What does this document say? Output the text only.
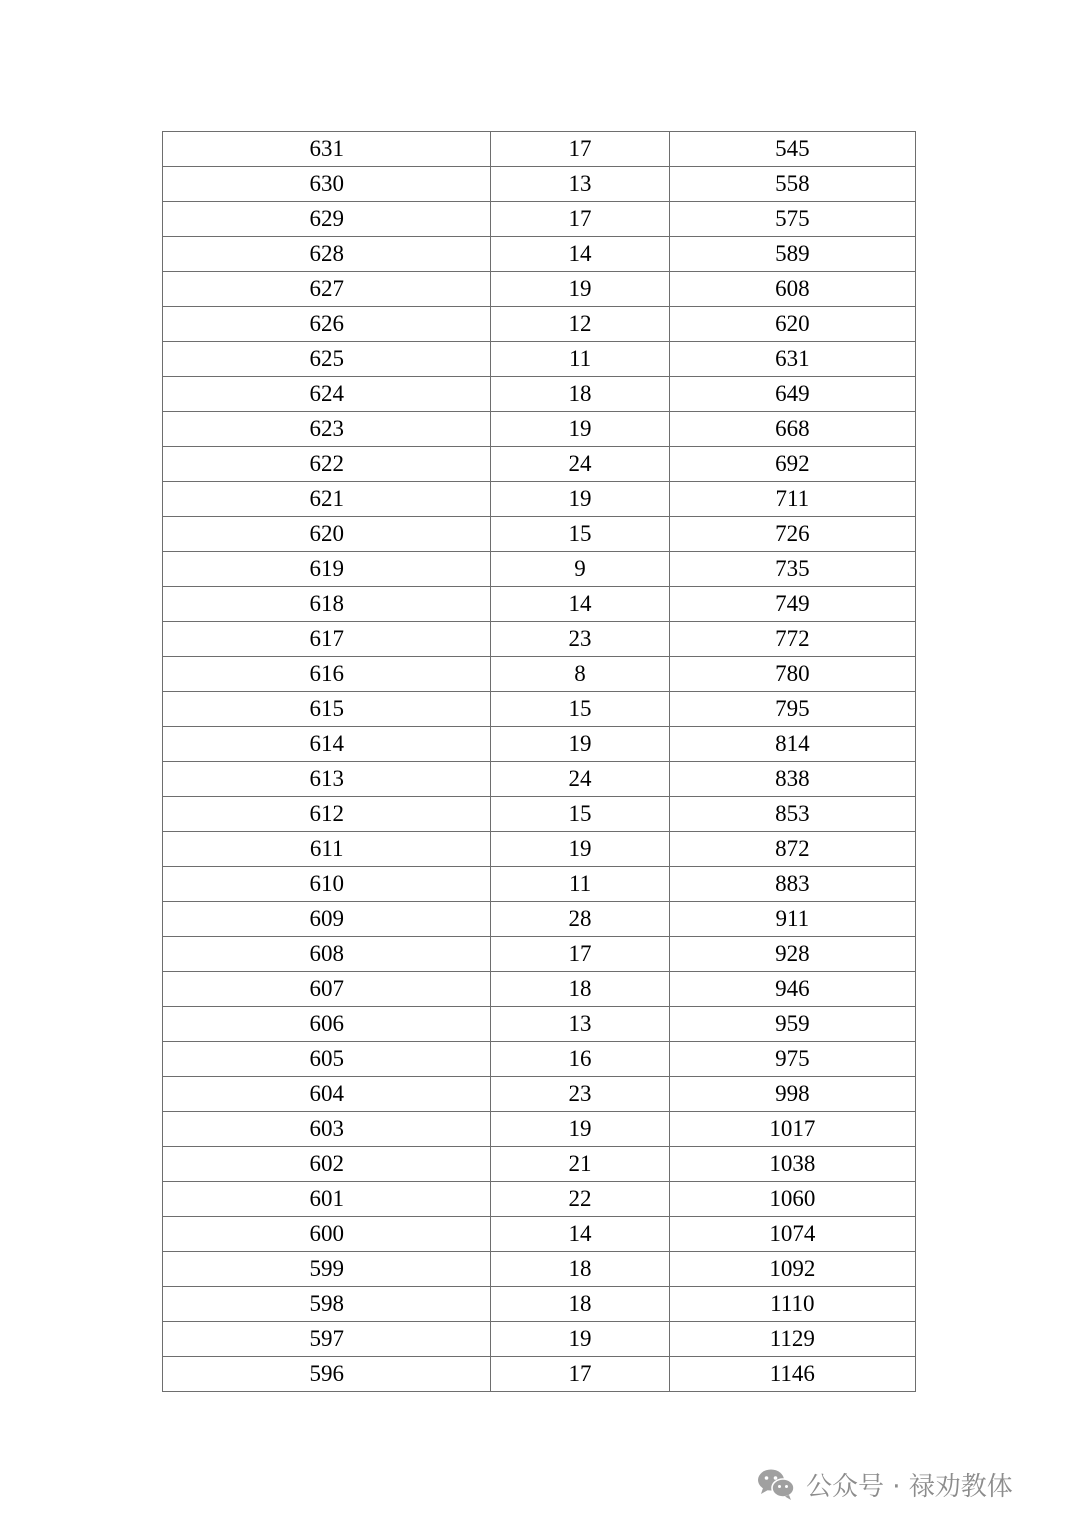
631	17	545
630	13	558
629	17	575
628	14	589
627	19	608
626	12	620
625	11	631
624	18	649
623	19	668
622	24	692
621	19	711
620	15	726
619	9	735
618	14	749
617	23	772
616	8	780
615	15	795
614	19	814
613	24	838
612	15	853
611	19	872
610	11	883
609	28	911
608	17	928
607	18	946
606	13	959
605	16	975
604	23	998
603	19	1017
602	21	1038
601	22	1060
600	14	1074
599	18	1092
598	18	1110
597	19	1129
596	17	1146
公众号 · 禄劝教体
